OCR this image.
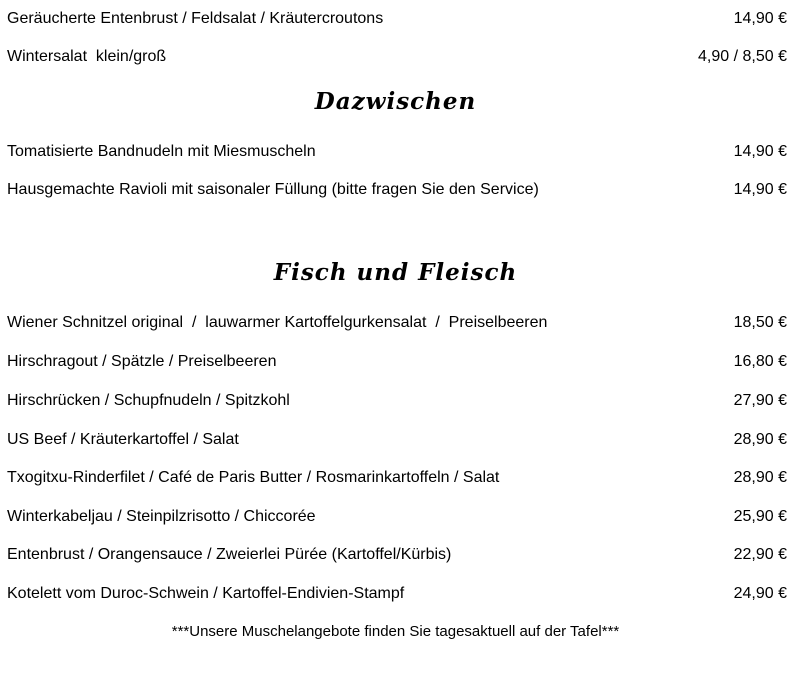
Geräucherte Entenbrust / Feldsalat / Kräutercroutons	14,90 €
Wintersalat  klein/groß	4,90 / 8,50 €
Dazwischen
Tomatisierte Bandnudeln mit Miesmuscheln	14,90 €
Hausgemachte Ravioli mit saisonaler Füllung (bitte fragen Sie den Service)	14,90 €
Fisch und Fleisch
Wiener Schnitzel original  /  lauwarmer Kartoffelgurkensalat  /  Preiselbeeren	18,50 €
Hirschragout / Spätzle / Preiselbeeren	16,80 €
Hirschrücken / Schupfnudeln / Spitzkohl	27,90 €
US Beef / Kräuterkartoffel / Salat	28,90 €
Txogitxu-Rinderfilet / Café de Paris Butter / Rosmarinkartoffeln / Salat	28,90 €
Winterkabeljau / Steinpilzrisotto / Chiccorée	25,90 €
Entenbrust / Orangensauce / Zweierlei Pürée (Kartoffel/Kürbis)	22,90 €
Kotelett vom Duroc-Schwein / Kartoffel-Endivien-Stampf	24,90 €
***Unsere Muschelangebote finden Sie tagesaktuell auf der Tafel***
